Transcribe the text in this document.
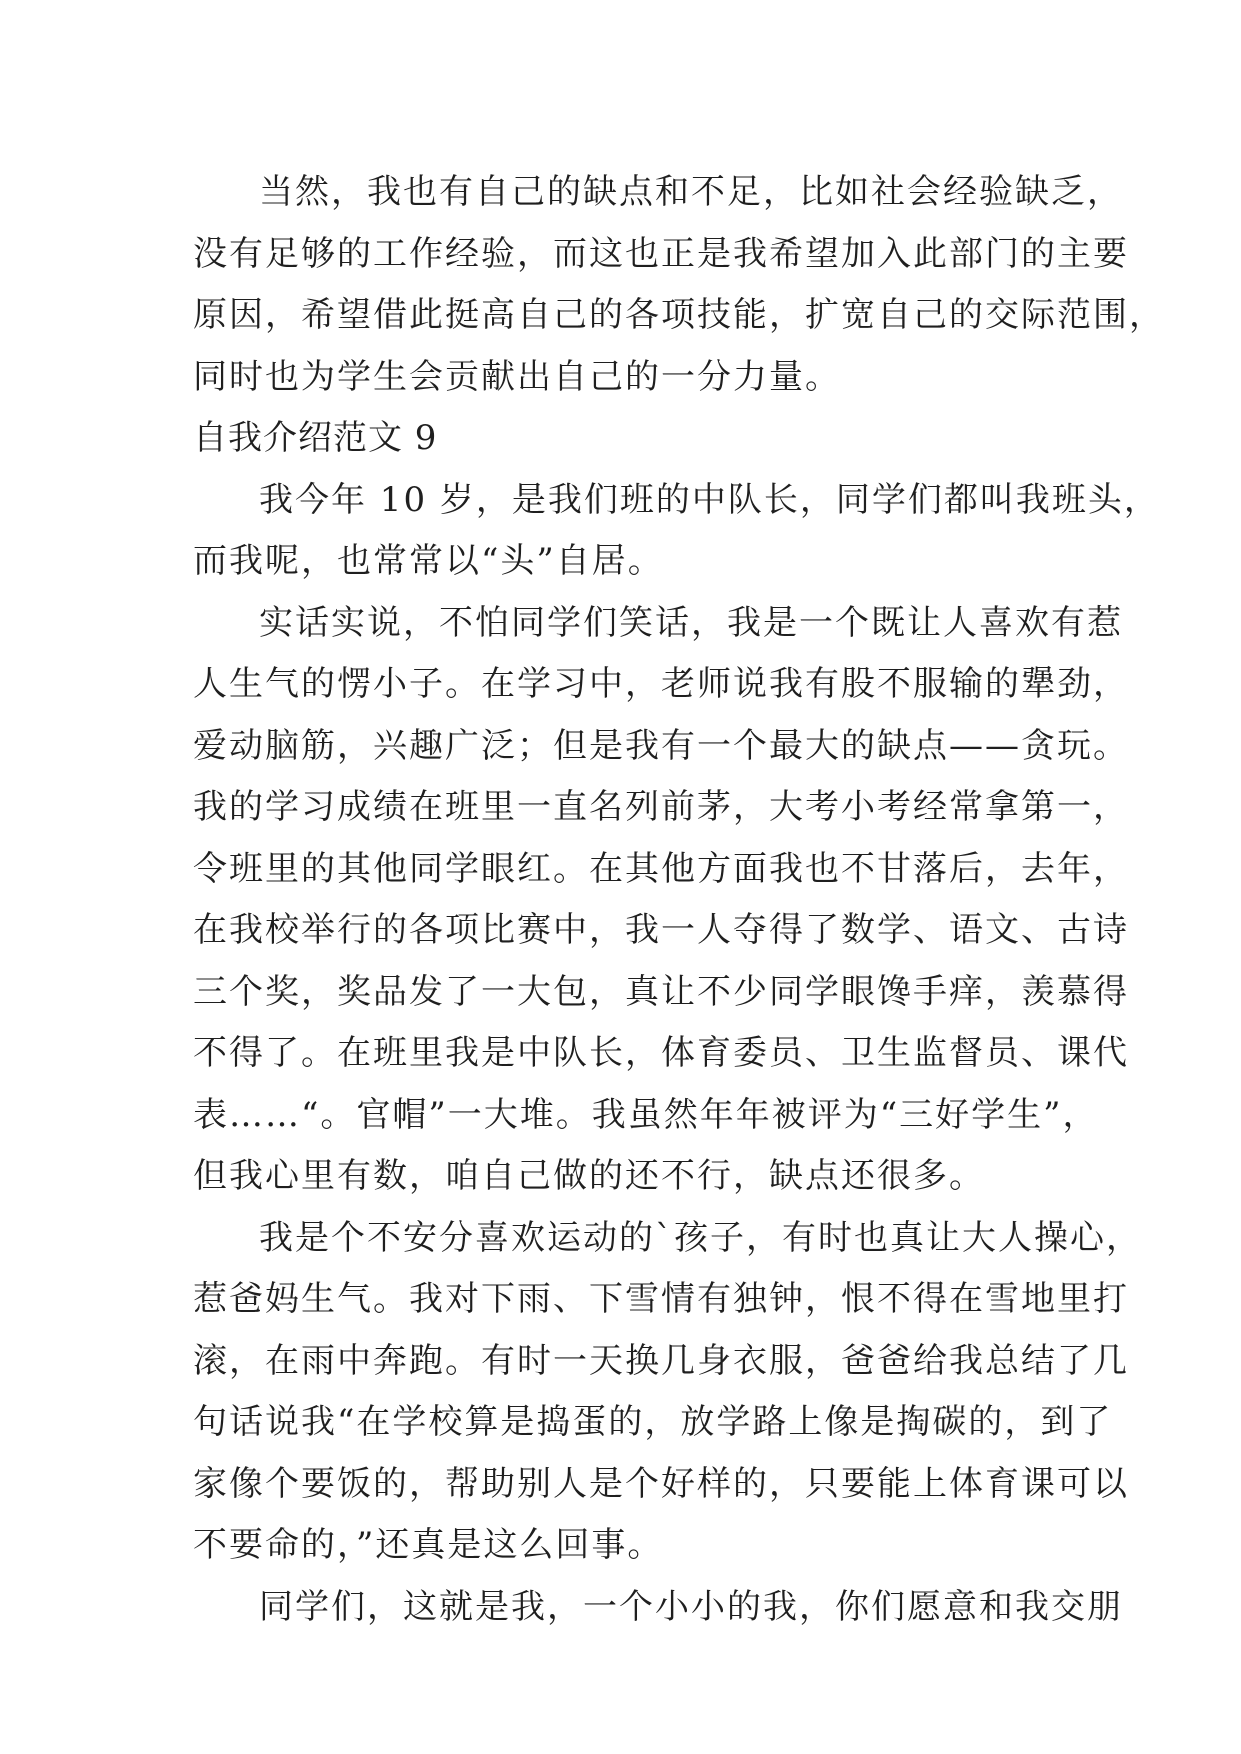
当然，我也有自己的缺点和不足，比如社会经验缺乏，
没有足够的工作经验，而这也正是我希望加入此部门的主要
原因，希望借此挺高自己的各项技能，扩宽自己的交际范围，
同时也为学生会贡献出自己的一分力量。
自我介绍范文 9
我今年 10 岁，是我们班的中队长，同学们都叫我班头，
而我呢，也常常以“头”自居。
实话实说，不怕同学们笑话，我是一个既让人喜欢有惹
人生气的愣小子。在学习中，老师说我有股不服输的犟劲，
爱动脑筋，兴趣广泛；但是我有一个最大的缺点——贪玩。
我的学习成绩在班里一直名列前茅，大考小考经常拿第一，
令班里的其他同学眼红。在其他方面我也不甘落后，去年，
在我校举行的各项比赛中，我一人夺得了数学、语文、古诗
三个奖，奖品发了一大包，真让不少同学眼馋手痒，羡慕得
不得了。在班里我是中队长，体育委员、卫生监督员、课代
表……“。官帽”一大堆。我虽然年年被评为“三好学生”，
但我心里有数，咱自己做的还不行，缺点还很多。
我是个不安分喜欢运动的`孩子，有时也真让大人操心，
惹爸妈生气。我对下雨、下雪情有独钟，恨不得在雪地里打
滚，在雨中奔跑。有时一天换几身衣服，爸爸给我总结了几
句话说我“在学校算是捣蛋的，放学路上像是掏碳的，到了
家像个要饭的，帮助别人是个好样的，只要能上体育课可以
不要命的，”还真是这么回事。
同学们，这就是我，一个小小的我，你们愿意和我交朋
